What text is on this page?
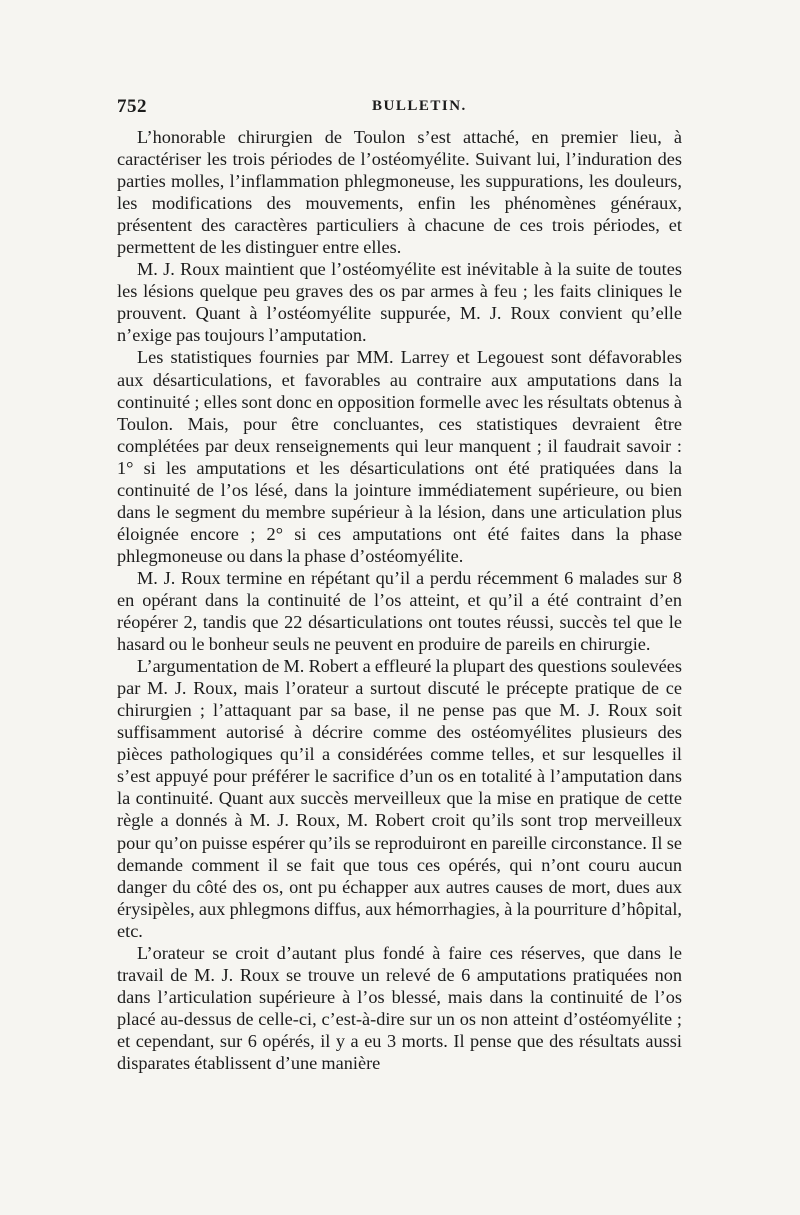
752	BULLETIN.

L’honorable chirurgien de Toulon s’est attaché, en premier lieu, à caractériser les trois périodes de l’ostéomyélite. Suivant lui, l’induration des parties molles, l’inflammation phlegmoneuse, les suppurations, les douleurs, les modifications des mouvements, enfin les phénomènes généraux, présentent des caractères particuliers à chacune de ces trois périodes, et permettent de les distinguer entre elles.

M. J. Roux maintient que l’ostéomyélite est inévitable à la suite de toutes les lésions quelque peu graves des os par armes à feu ; les faits cliniques le prouvent. Quant à l’ostéomyélite suppurée, M. J. Roux convient qu’elle n’exige pas toujours l’amputation.

Les statistiques fournies par MM. Larrey et Legouest sont défavorables aux désarticulations, et favorables au contraire aux amputations dans la continuité ; elles sont donc en opposition formelle avec les résultats obtenus à Toulon. Mais, pour être concluantes, ces statistiques devraient être complétées par deux renseignements qui leur manquent ; il faudrait savoir : 1° si les amputations et les désarticulations ont été pratiquées dans la continuité de l’os lésé, dans la jointure immédiatement supérieure, ou bien dans le segment du membre supérieur à la lésion, dans une articulation plus éloignée encore ; 2° si ces amputations ont été faites dans la phase phlegmoneuse ou dans la phase d’ostéomyélite.

M. J. Roux termine en répétant qu’il a perdu récemment 6 malades sur 8 en opérant dans la continuité de l’os atteint, et qu’il a été contraint d’en réopérer 2, tandis que 22 désarticulations ont toutes réussi, succès tel que le hasard ou le bonheur seuls ne peuvent en produire de pareils en chirurgie.

L’argumentation de M. Robert a effleuré la plupart des questions soulevées par M. J. Roux, mais l’orateur a surtout discuté le précepte pratique de ce chirurgien ; l’attaquant par sa base, il ne pense pas que M. J. Roux soit suffisamment autorisé à décrire comme des ostéomyélites plusieurs des pièces pathologiques qu’il a considérées comme telles, et sur lesquelles il s’est appuyé pour préférer le sacrifice d’un os en totalité à l’amputation dans la continuité. Quant aux succès merveilleux que la mise en pratique de cette règle a donnés à M. J. Roux, M. Robert croit qu’ils sont trop merveilleux pour qu’on puisse espérer qu’ils se reproduiront en pareille circonstance. Il se demande comment il se fait que tous ces opérés, qui n’ont couru aucun danger du côté des os, ont pu échapper aux autres causes de mort, dues aux érysipèles, aux phlegmons diffus, aux hémorrhagies, à la pourriture d’hôpital, etc.

L’orateur se croit d’autant plus fondé à faire ces réserves, que dans le travail de M. J. Roux se trouve un relevé de 6 amputations pratiquées non dans l’articulation supérieure à l’os blessé, mais dans la continuité de l’os placé au-dessus de celle-ci, c’est-à-dire sur un os non atteint d’ostéomyélite ; et cependant, sur 6 opérés, il y a eu 3 morts. Il pense que des résultats aussi disparates établissent d’une manière
